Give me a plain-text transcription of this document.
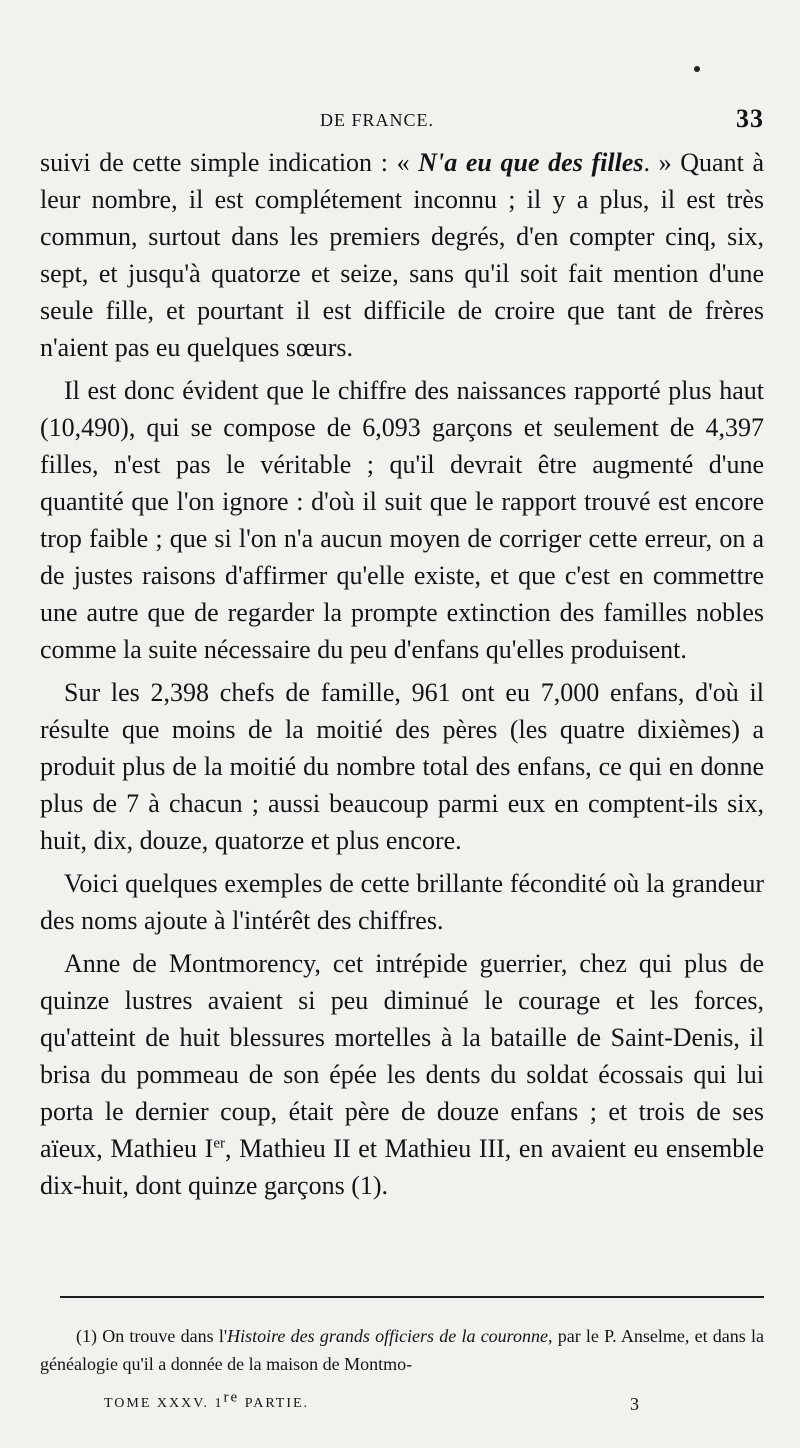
DE FRANCE.	33

suivi de cette simple indication : « N'a eu que des filles. » Quant à leur nombre, il est complétement inconnu ; il y a plus, il est très commun, surtout dans les premiers degrés, d'en compter cinq, six, sept, et jusqu'à quatorze et seize, sans qu'il soit fait mention d'une seule fille, et pourtant il est difficile de croire que tant de frères n'aient pas eu quelques sœurs.

Il est donc évident que le chiffre des naissances rapporté plus haut (10,490), qui se compose de 6,093 garçons et seulement de 4,397 filles, n'est pas le véritable ; qu'il devrait être augmenté d'une quantité que l'on ignore : d'où il suit que le rapport trouvé est encore trop faible ; que si l'on n'a aucun moyen de corriger cette erreur, on a de justes raisons d'affirmer qu'elle existe, et que c'est en commettre une autre que de regarder la prompte extinction des familles nobles comme la suite nécessaire du peu d'enfans qu'elles produisent.

Sur les 2,398 chefs de famille, 961 ont eu 7,000 enfans, d'où il résulte que moins de la moitié des pères (les quatre dixièmes) a produit plus de la moitié du nombre total des enfans, ce qui en donne plus de 7 à chacun ; aussi beaucoup parmi eux en comptent-ils six, huit, dix, douze, quatorze et plus encore.

Voici quelques exemples de cette brillante fécondité où la grandeur des noms ajoute à l'intérêt des chiffres.

Anne de Montmorency, cet intrépide guerrier, chez qui plus de quinze lustres avaient si peu diminué le courage et les forces, qu'atteint de huit blessures mortelles à la bataille de Saint-Denis, il brisa du pommeau de son épée les dents du soldat écossais qui lui porta le dernier coup, était père de douze enfans ; et trois de ses aïeux, Mathieu Ier, Mathieu II et Mathieu III, en avaient eu ensemble dix-huit, dont quinze garçons (1).

(1) On trouve dans l'Histoire des grands officiers de la couronne, par le P. Anselme, et dans la généalogie qu'il a donnée de la maison de Montmo-

TOME XXXV. 1re PARTIE.	3
